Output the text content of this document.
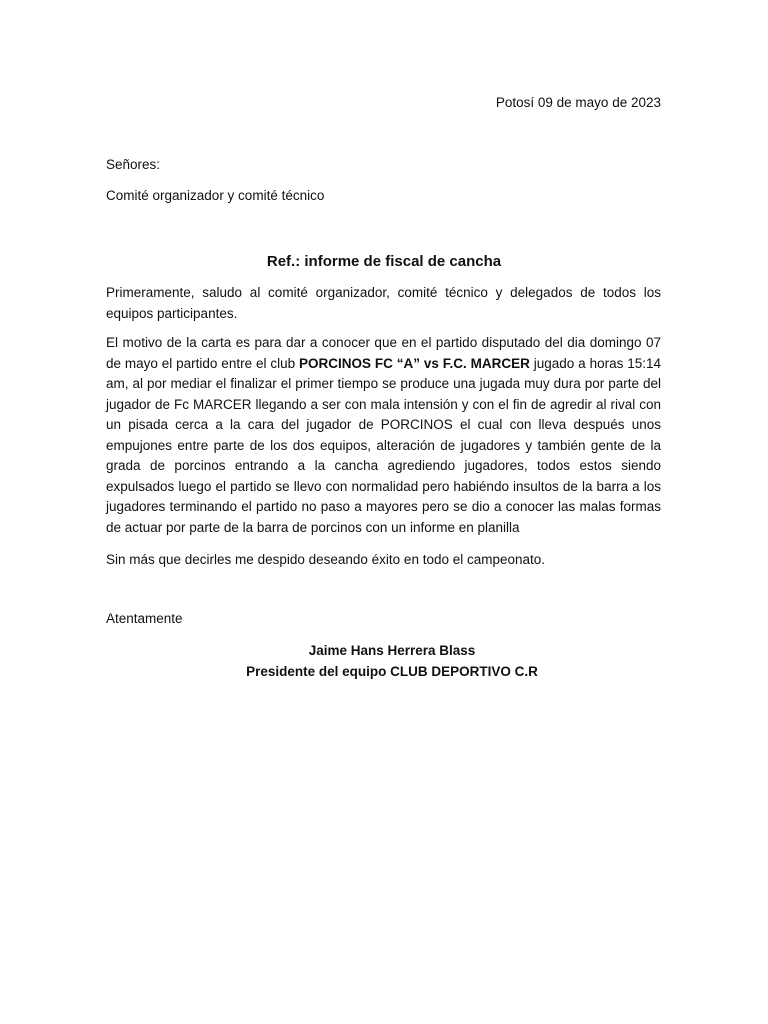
Potosí 09 de mayo de 2023
Señores:
Comité organizador y comité técnico
Ref.: informe de fiscal de cancha
Primeramente, saludo al comité organizador, comité técnico y delegados de todos los equipos participantes.
El motivo de la carta es para dar a conocer que en el partido disputado del dia domingo 07 de mayo el partido entre el club PORCINOS FC “A” vs F.C. MARCER jugado a horas 15:14 am, al por mediar el finalizar el primer tiempo se produce una jugada muy dura por parte del jugador de Fc MARCER llegando a ser con mala intensión y con el fin de agredir al rival con un pisada cerca a la cara del jugador de PORCINOS el cual con lleva después unos empujones entre parte de los dos equipos, alteración de jugadores y también gente de la grada de porcinos entrando a la cancha agrediendo jugadores, todos estos siendo expulsados luego el partido se llevo con normalidad pero habiéndo insultos de la barra a los jugadores terminando el partido no paso a mayores pero se dio a conocer las malas formas de actuar por parte de la barra de porcinos con un informe en planilla
Sin más que decirles me despido deseando éxito en todo el campeonato.
Atentamente
Jaime Hans Herrera Blass
Presidente del equipo CLUB DEPORTIVO C.R
